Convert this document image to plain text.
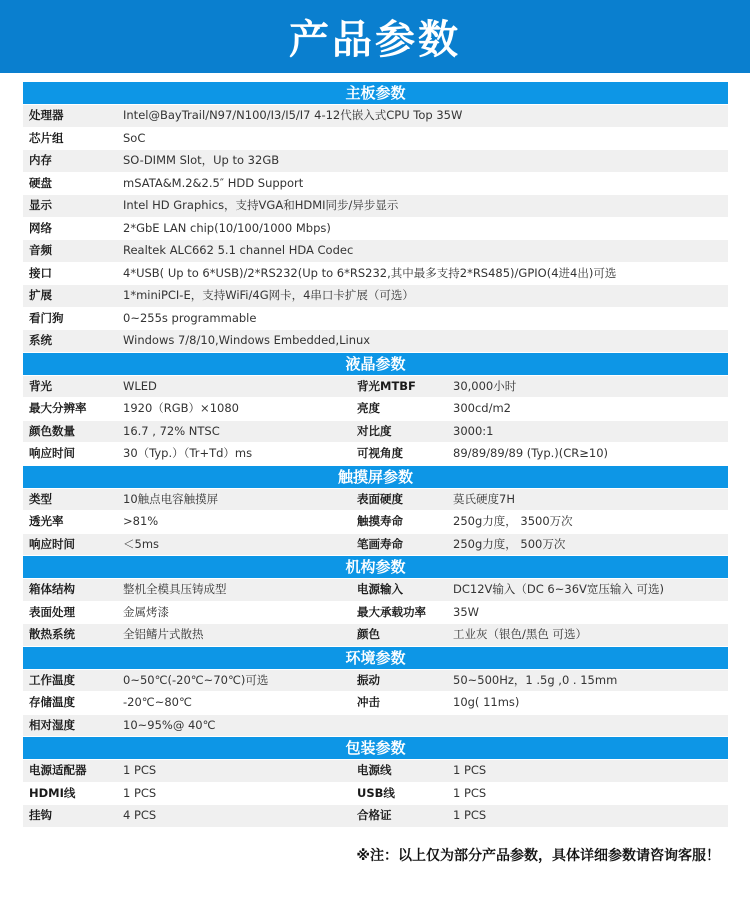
产品参数
主板参数
处理器	Intel@BayTrail/N97/N100/I3/I5/I7 4-12代嵌入式CPU Top 35W
芯片组	SoC
内存	SO-DIMM Slot，Up to 32GB
硬盘	mSATA&M.2&2.5″ HDD Support
显示	Intel HD Graphics，支持VGA和HDMI同步/异步显示
网络	2*GbE LAN chip(10/100/1000 Mbps)
音频	Realtek ALC662 5.1 channel HDA Codec
接口	4*USB( Up to 6*USB)/2*RS232(Up to 6*RS232,其中最多支持2*RS485)/GPIO(4进4出)可选
扩展	1*miniPCI-E，支持WiFi/4G网卡，4串口卡扩展（可选）
看门狗	0~255s programmable
系统	Windows 7/8/10,Windows Embedded,Linux
液晶参数
背光	WLED	背光MTBF	30,000小时
最大分辨率	1920（RGB）×1080	亮度	300cd/m2
颜色数量	16.7 , 72% NTSC	对比度	3000:1
响应时间	30（Typ.）（Tr+Td）ms	可视角度	89/89/89/89 (Typ.)(CR≥10)
触摸屏参数
类型	10触点电容触摸屏	表面硬度	莫氏硬度7H
透光率	>81%	触摸寿命	250g力度， 3500万次
响应时间	＜5ms	笔画寿命	250g力度， 500万次
机构参数
箱体结构	整机全模具压铸成型	电源输入	DC12V输入（DC 6~36V宽压输入 可选)
表面处理	金属烤漆	最大承载功率 35W
散热系统	全铝鳍片式散热	颜色	工业灰（银色/黑色 可选）
环境参数
工作温度	0~50℃(-20℃~70℃)可选	振动	50~500Hz，1 .5g ,0 . 15mm
存储温度	-20℃~80℃	冲击	10g( 11ms)
相对湿度	10~95%@ 40℃
包装参数
电源适配器	1 PCS	电源线	1 PCS
HDMI线	1 PCS	USB线	1 PCS
挂钩	4 PCS	合格证	1 PCS
※注：以上仅为部分产品参数，具体详细参数请咨询客服！
